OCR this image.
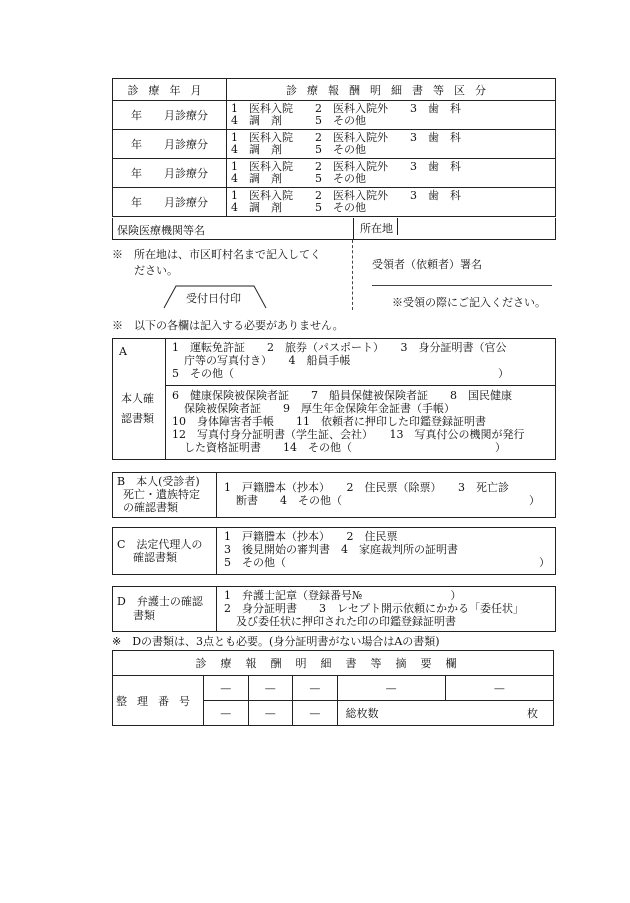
診療年月	診療報酬明細書等区分
年　　月診療分	1　医科入院　　2　医科入院外　　3　歯　科
4　調　剤　　　5　その他
年　　月診療分	1　医科入院　　2　医科入院外　　3　歯　科
4　調　剤　　　5　その他
年　　月診療分	1　医科入院　　2　医科入院外　　3　歯　科
4　調　剤　　　5　その他
年　　月診療分	1　医科入院　　2　医科入院外　　3　歯　科
4　調　剤　　　5　その他
保険医療機関等名	所在地
※　所在地は、市区町村名まで記入してく
ださい。	受領者（依頼者）署名
※受領の際にご記入ください。
受付日付印
※　以下の各欄は記入する必要がありません。
A
本人確認書類
1　運転免許証　　2　旅券（パスポート）　　3　身分証明書（官公
庁等の写真付き）　　4　船員手帳
5　その他（　　　　　　　　　　　　　　　　　　　　　　　　）
6　健康保険被保険者証　　7　船員保健被保険者証　　8　国民健康
保険被保険者証　　9　厚生年金保険年金証書（手帳）
10　身体障害者手帳　　11　依頼者に押印した印鑑登録証明書
12　写真付身分証明書（学生証、会社）　　13　写真付公の機関が発行
した資格証明書　　14　その他（　　　　　　　　　　　　　）
B　本人(受診者)
死亡・遺族特定
の確認書類
1　戸籍謄本（抄本）　　2　住民票（除票）　　3　死亡診
断書　　4　その他（　　　　　　　　　　　　　　　　　）
C　法定代理人の
確認書類
1　戸籍謄本（抄本）　　2　住民票
3　後見開始の審判書　4　家庭裁判所の証明書
5　その他（　　　　　　　　　　　　　　　　　　　　　　　）
D　弁護士の確認
書類
1　弁護士記章（登録番号№　　　　　　　　）
2　身分証明書　　3　レセプト開示依頼にかかる「委任状」
及び委任状に押印された印の印鑑登録証明書
※　Dの書類は、3点とも必要。(身分証明書がない場合はAの書類)
診療報酬明細書等摘要欄					
整理番号	—	—	—	—	—
	—	—	—	総枚数 枚	
